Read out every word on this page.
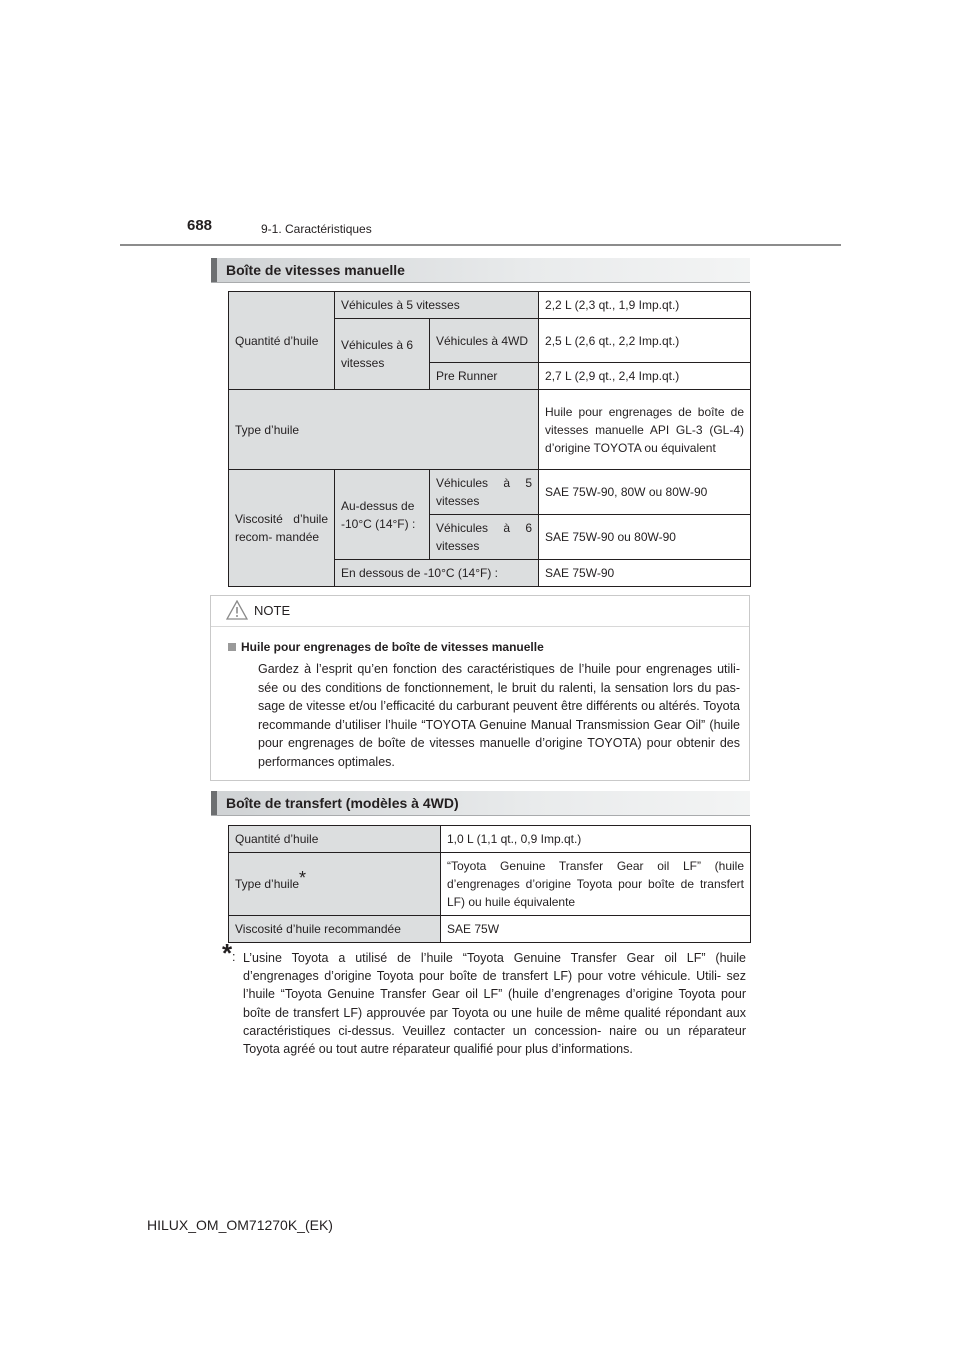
688	9-1. Caractéristiques
Boîte de vitesses manuelle
Quantité d’huile	Véhicules à 5 vitesses		2,2 L (2,3 qt., 1,9 Imp.qt.)
	Véhicules à 6 vitesses	Véhicules à 4WD	2,5 L (2,6 qt., 2,2 Imp.qt.)
		Pre Runner	2,7 L (2,9 qt., 2,4 Imp.qt.)
Type d’huile			Huile pour engrenages de boîte de vitesses manuelle API GL-3 (GL-4) d’origine TOYOTA ou équivalent
Viscosité d’huile recom- mandée	Au-dessus de -10°C (14°F) :	Véhicules à 5 vitesses	SAE 75W-90, 80W ou 80W-90
		Véhicules à 6 vitesses	SAE 75W-90 ou 80W-90
	En dessous de -10°C (14°F) :		SAE 75W-90
NOTE
Huile pour engrenages de boîte de vitesses manuelle
Gardez à l’esprit qu’en fonction des caractéristiques de l’huile pour engrenages utili- sée ou des conditions de fonctionnement, le bruit du ralenti, la sensation lors du pas- sage de vitesse et/ou l’efficacité du carburant peuvent être différents ou altérés. Toyota recommande d’utiliser l’huile “TOYOTA Genuine Manual Transmission Gear Oil” (huile pour engrenages de boîte de vitesses manuelle d’origine TOYOTA) pour obtenir des performances optimales.
Boîte de transfert (modèles à 4WD)
Quantité d’huile	1,0 L (1,1 qt., 0,9 Imp.qt.)
Type d’huile*	“Toyota Genuine Transfer Gear oil LF” (huile d’engrenages d’origine Toyota pour boîte de transfert LF) ou huile équivalente
Viscosité d’huile recommandée	SAE 75W
* : L’usine Toyota a utilisé de l’huile “Toyota Genuine Transfer Gear oil LF” (huile d’engrenages d’origine Toyota pour boîte de transfert LF) pour votre véhicule. Utili- sez l’huile “Toyota Genuine Transfer Gear oil LF” (huile d’engrenages d’origine Toyota pour boîte de transfert LF) approuvée par Toyota ou une huile de même qualité répondant aux caractéristiques ci-dessus. Veuillez contacter un concession- naire ou un réparateur Toyota agréé ou tout autre réparateur qualifié pour plus d’informations.
HILUX_OM_OM71270K_(EK)
